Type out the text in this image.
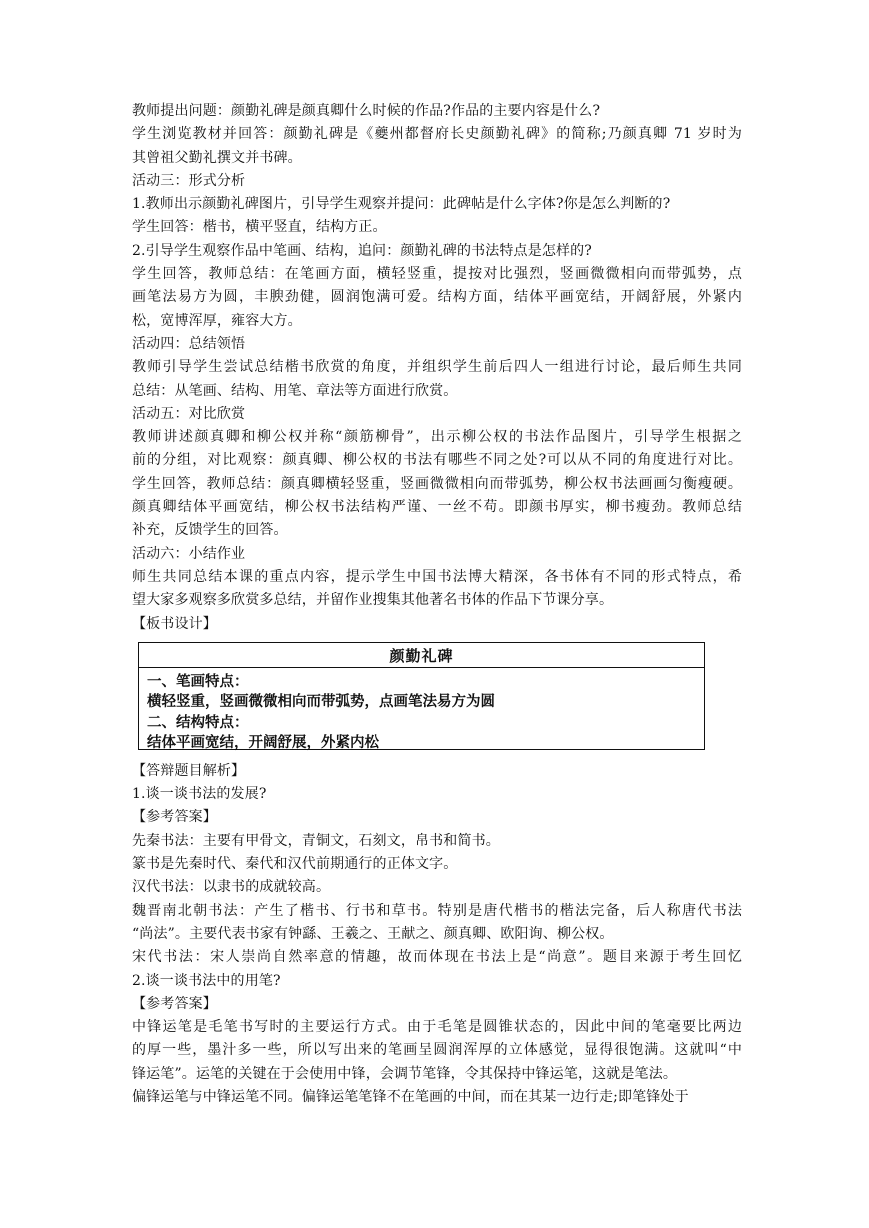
教师提出问题：颜勤礼碑是颜真卿什么时候的作品?作品的主要内容是什么?
学生浏览教材并回答：颜勤礼碑是《夔州都督府长史颜勤礼碑》的简称;乃颜真卿 71 岁时为
其曾祖父勤礼撰文并书碑。
活动三：形式分析
1.教师出示颜勤礼碑图片，引导学生观察并提问：此碑帖是什么字体?你是怎么判断的?
学生回答：楷书，横平竖直，结构方正。
2.引导学生观察作品中笔画、结构，追问：颜勤礼碑的书法特点是怎样的?
学生回答，教师总结：在笔画方面，横轻竖重，提按对比强烈，竖画微微相向而带弧势，点
画笔法易方为圆，丰腴劲健，圆润饱满可爱。结构方面，结体平画宽结，开阔舒展，外紧内
松，宽博浑厚，雍容大方。
活动四：总结领悟
教师引导学生尝试总结楷书欣赏的角度，并组织学生前后四人一组进行讨论，最后师生共同
总结：从笔画、结构、用笔、章法等方面进行欣赏。
活动五：对比欣赏
教师讲述颜真卿和柳公权并称“颜筋柳骨”，出示柳公权的书法作品图片，引导学生根据之
前的分组，对比观察：颜真卿、柳公权的书法有哪些不同之处?可以从不同的角度进行对比。
学生回答，教师总结：颜真卿横轻竖重，竖画微微相向而带弧势，柳公权书法画画匀衡瘦硬。
颜真卿结体平画宽结，柳公权书法结构严谨、一丝不苟。即颜书厚实，柳书瘦劲。教师总结
补充，反馈学生的回答。
活动六：小结作业
师生共同总结本课的重点内容，提示学生中国书法博大精深，各书体有不同的形式特点，希
望大家多观察多欣赏多总结，并留作业搜集其他著名书体的作品下节课分享。
【板书设计】
颜勤礼碑
一、笔画特点：
横轻竖重，竖画微微相向而带弧势，点画笔法易方为圆
二、结构特点：
结体平画宽结，开阔舒展，外紧内松
【答辩题目解析】
1.谈一谈书法的发展?
【参考答案】
先秦书法：主要有甲骨文，青铜文，石刻文，帛书和简书。
篆书是先秦时代、秦代和汉代前期通行的正体文字。
汉代书法：以隶书的成就较高。
魏晋南北朝书法：产生了楷书、行书和草书。特别是唐代楷书的楷法完备，后人称唐代书法
“尚法”。主要代表书家有钟繇、王羲之、王献之、颜真卿、欧阳询、柳公权。
宋代书法：宋人崇尚自然率意的情趣，故而体现在书法上是“尚意”。题目来源于考生回忆
2.谈一谈书法中的用笔?
【参考答案】
中锋运笔是毛笔书写时的主要运行方式。由于毛笔是圆锥状态的，因此中间的笔毫要比两边
的厚一些，墨汁多一些，所以写出来的笔画呈圆润浑厚的立体感觉，显得很饱满。这就叫“中
锋运笔”。运笔的关键在于会使用中锋，会调节笔锋，令其保持中锋运笔，这就是笔法。
偏锋运笔与中锋运笔不同。偏锋运笔笔锋不在笔画的中间，而在其某一边行走;即笔锋处于
